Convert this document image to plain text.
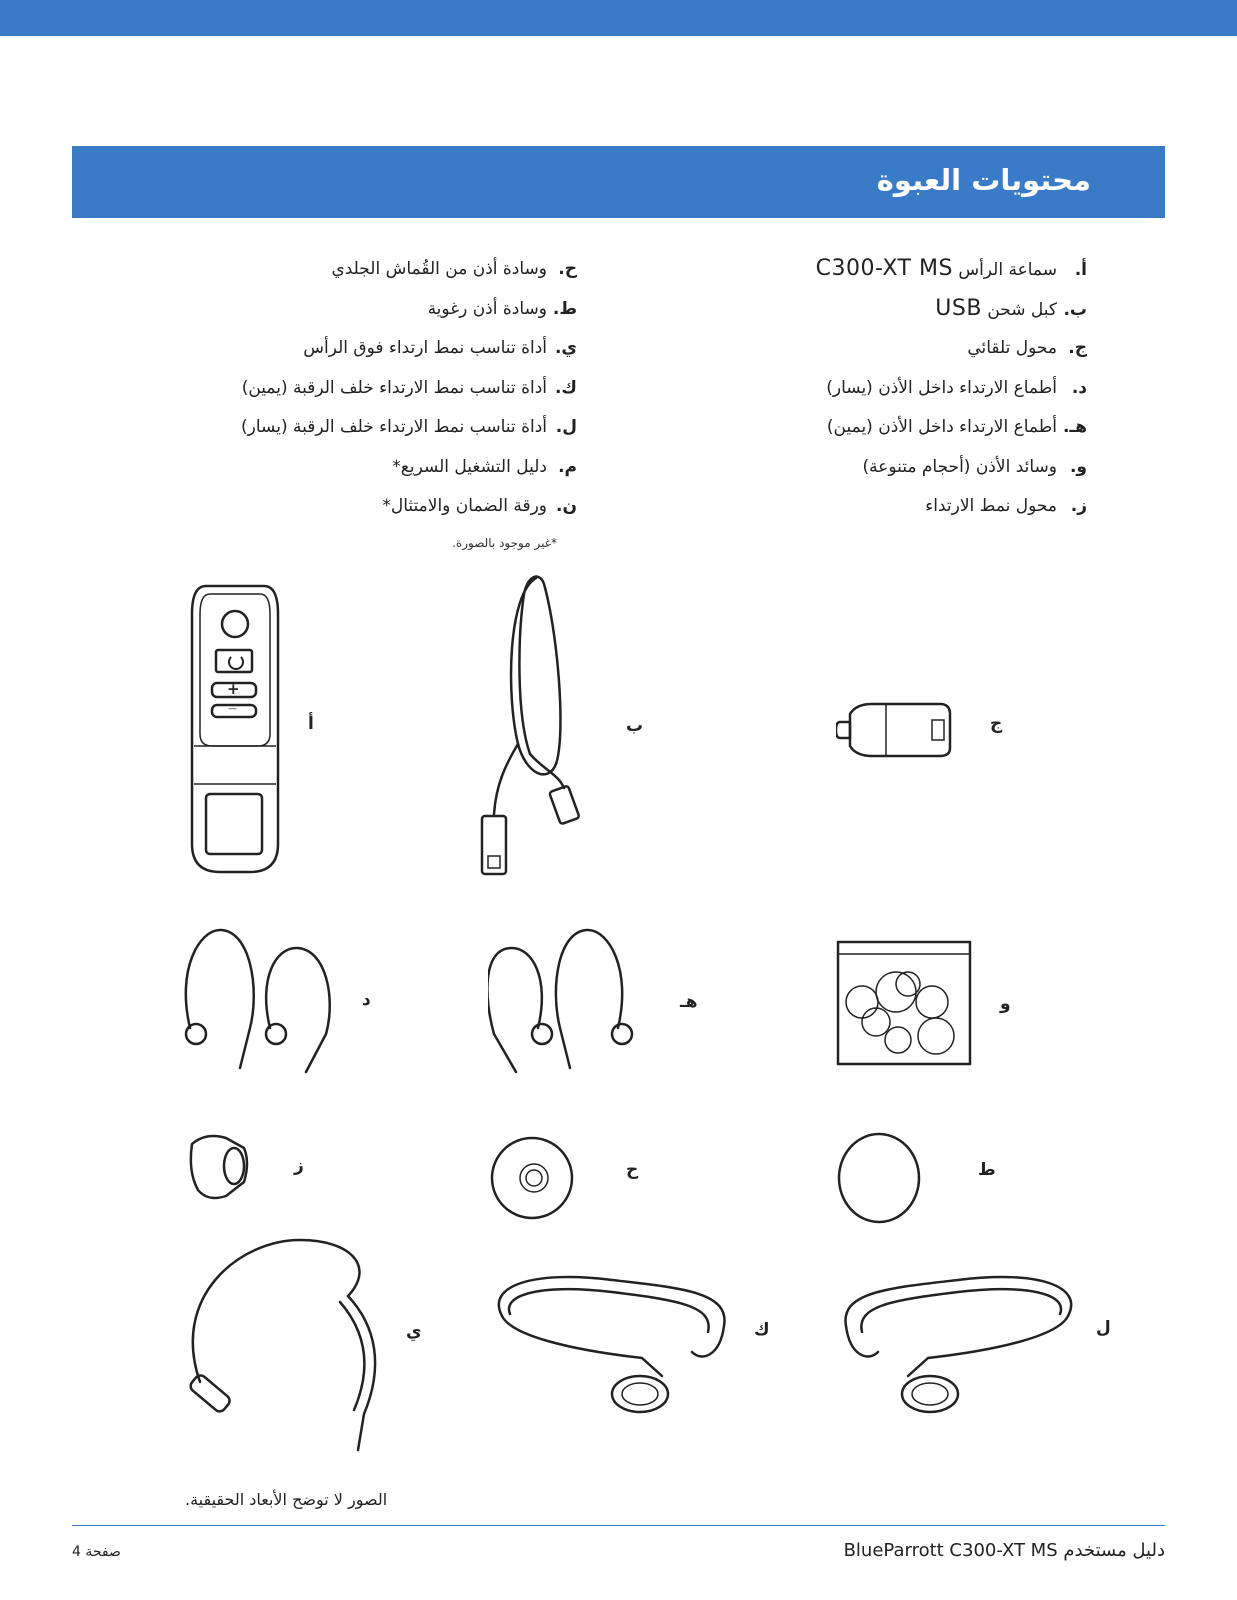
محتويات العبوة
أ.سماعة الرأس C300-XT MS
ب.كبل شحن USB
ج.محول تلقائي
د.أطماع الارتداء داخل الأذن (يسار)
هـ.أطماع الارتداء داخل الأذن (يمين)
و.وسائد الأذن (أحجام متنوعة)
ز.محول نمط الارتداء
ح.وسادة أذن من القُماش الجلدي
ط.وسادة أذن رغوية
ي.أداة تناسب نمط ارتداء فوق الرأس
ك.أداة تناسب نمط الارتداء خلف الرقبة (يمين)
ل.أداة تناسب نمط الارتداء خلف الرقبة (يسار)
م.دليل التشغيل السريع*
ن.ورقة الضمان والامتثال*
*غير موجود بالصورة.
+
—
أ	ب	ج
د	هـ	و
ز	ح	ط
ي	ك	ل
الصور لا توضح الأبعاد الحقيقية.
صفحة 4	دليل مستخدم BlueParrott C300-XT MS
